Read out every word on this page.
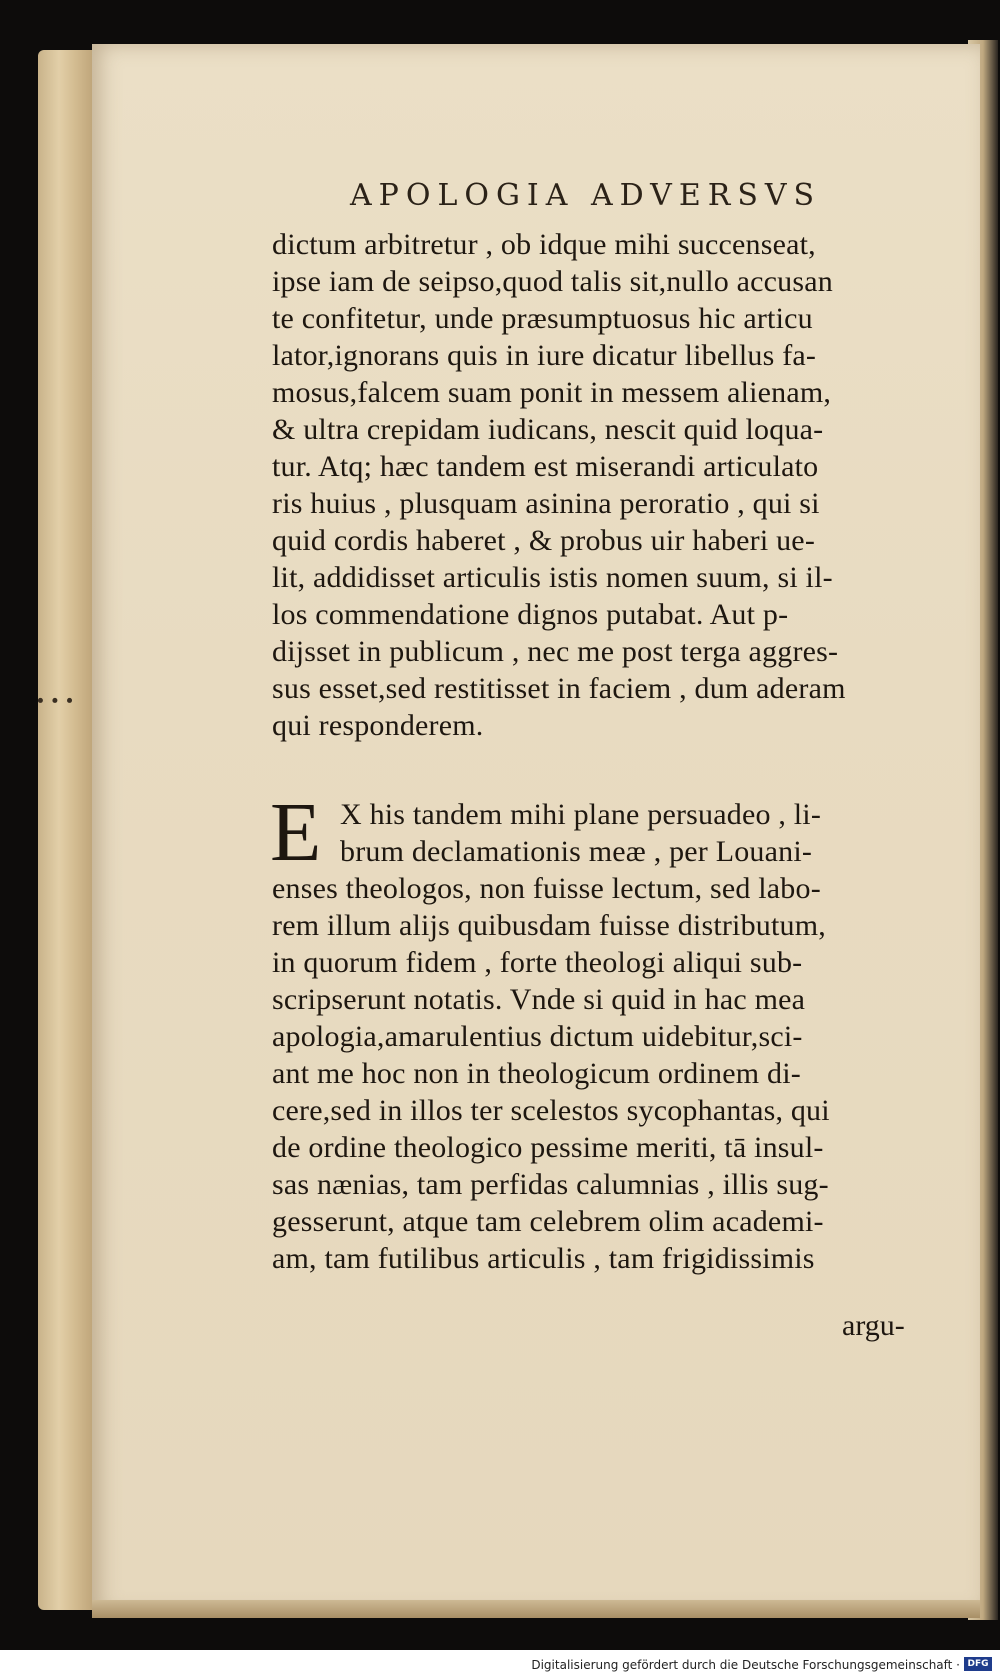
∙ ∙ ∙
APOLOGIA ADVERSVS
dictum arbitretur , ob idque mihi succenseat,
ipse iam de seipso,quod talis sit,nullo accusan
te confitetur, unde præsumptuosus hic articu
lator,ignorans quis in iure dicatur libellus fa-
mosus,falcem suam ponit in messem alienam,
& ultra crepidam iudicans, nescit quid loqua-
tur. Atq; hæc tandem est miserandi articulato
ris huius , plusquam asinina peroratio , qui si
quid cordis haberet , & probus uir haberi ue-
lit, addidisset articulis istis nomen suum, si il-
los commendatione dignos putabat. Aut p-
dijsset in publicum , nec me post terga aggres-
sus esset,sed restitisset in faciem , dum aderam
qui responderem.
E X his tandem mihi plane persuadeo , li-
brum declamationis meæ , per Louani-
enses theologos, non fuisse lectum, sed labo-
rem illum alijs quibusdam fuisse distributum,
in quorum fidem , forte theologi aliqui sub-
scripserunt notatis. Vnde si quid in hac mea
apologia,amarulentius dictum uidebitur,sci-
ant me hoc non in theologicum ordinem di-
cere,sed in illos ter scelestos sycophantas, qui
de ordine theologico pessime meriti, tā insul-
sas nænias, tam perfidas calumnias , illis sug-
gesserunt, atque tam celebrem olim academi-
am, tam futilibus articulis , tam frigidissimis
argu-
Digitalisierung gefördert durch die Deutsche Forschungsgemeinschaft · DFG
